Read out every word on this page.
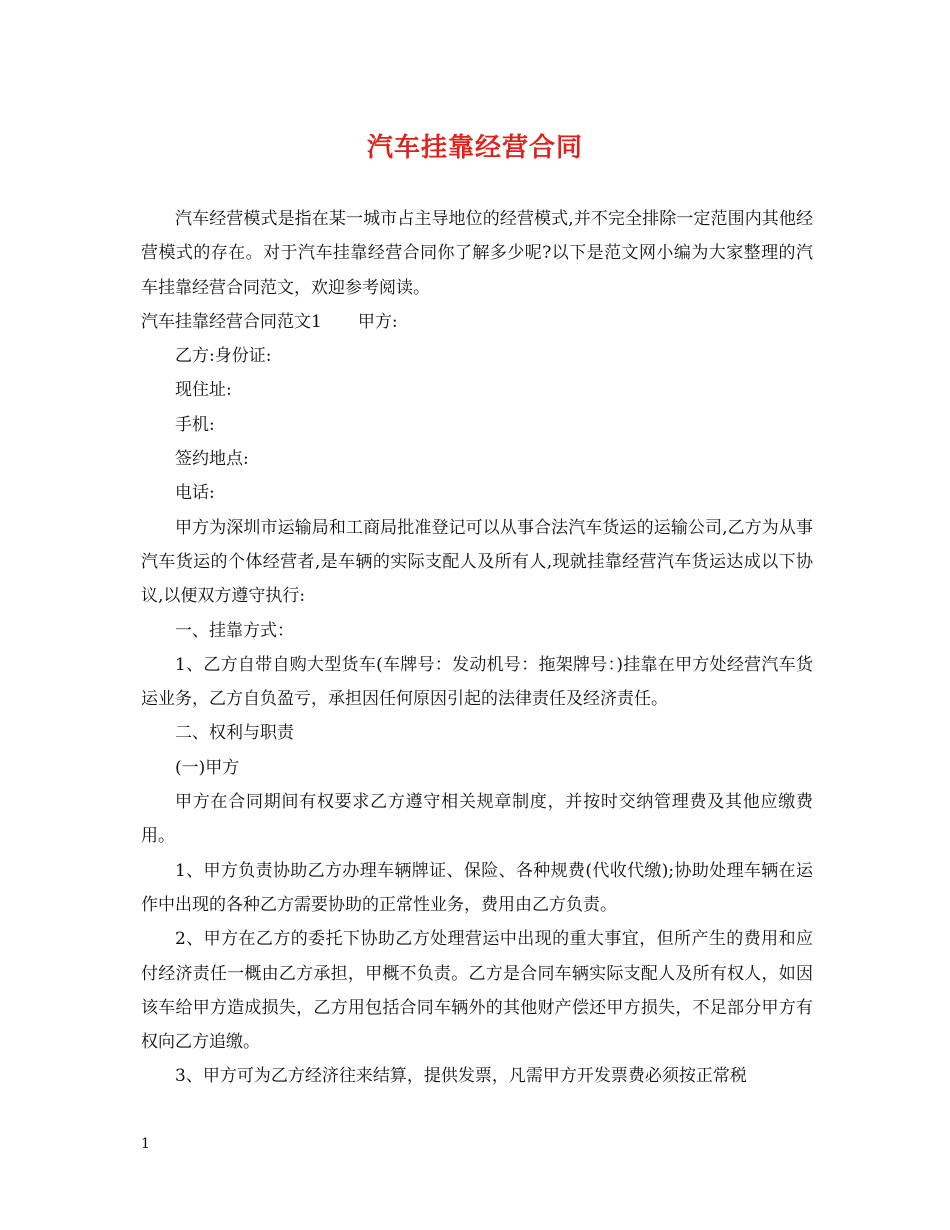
汽车挂靠经营合同

汽车经营模式是指在某一城市占主导地位的经营模式,并不完全排除一定范围内其他经营模式的存在。对于汽车挂靠经营合同你了解多少呢?以下是范文网小编为大家整理的汽车挂靠经营合同范文，欢迎参考阅读。

汽车挂靠经营合同范文1 甲方:

乙方:身份证:

现住址:

手机:

签约地点:

电话:

甲方为深圳市运输局和工商局批准登记可以从事合法汽车货运的运输公司,乙方为从事汽车货运的个体经营者,是车辆的实际支配人及所有人,现就挂靠经营汽车货运达成以下协议,以便双方遵守执行:

一、挂靠方式：

1、乙方自带自购大型货车(车牌号：发动机号：拖架牌号：)挂靠在甲方处经营汽车货运业务，乙方自负盈亏，承担因任何原因引起的法律责任及经济责任。

二、权利与职责

(一)甲方

甲方在合同期间有权要求乙方遵守相关规章制度，并按时交纳管理费及其他应缴费用。

1、甲方负责协助乙方办理车辆牌证、保险、各种规费(代收代缴);协助处理车辆在运作中出现的各种乙方需要协助的正常性业务，费用由乙方负责。

2、甲方在乙方的委托下协助乙方处理营运中出现的重大事宜，但所产生的费用和应付经济责任一概由乙方承担，甲概不负责。乙方是合同车辆实际支配人及所有权人，如因该车给甲方造成损失，乙方用包括合同车辆外的其他财产偿还甲方损失，不足部分甲方有权向乙方追缴。

3、甲方可为乙方经济往来结算，提供发票，凡需甲方开发票费必须按正常税

1
